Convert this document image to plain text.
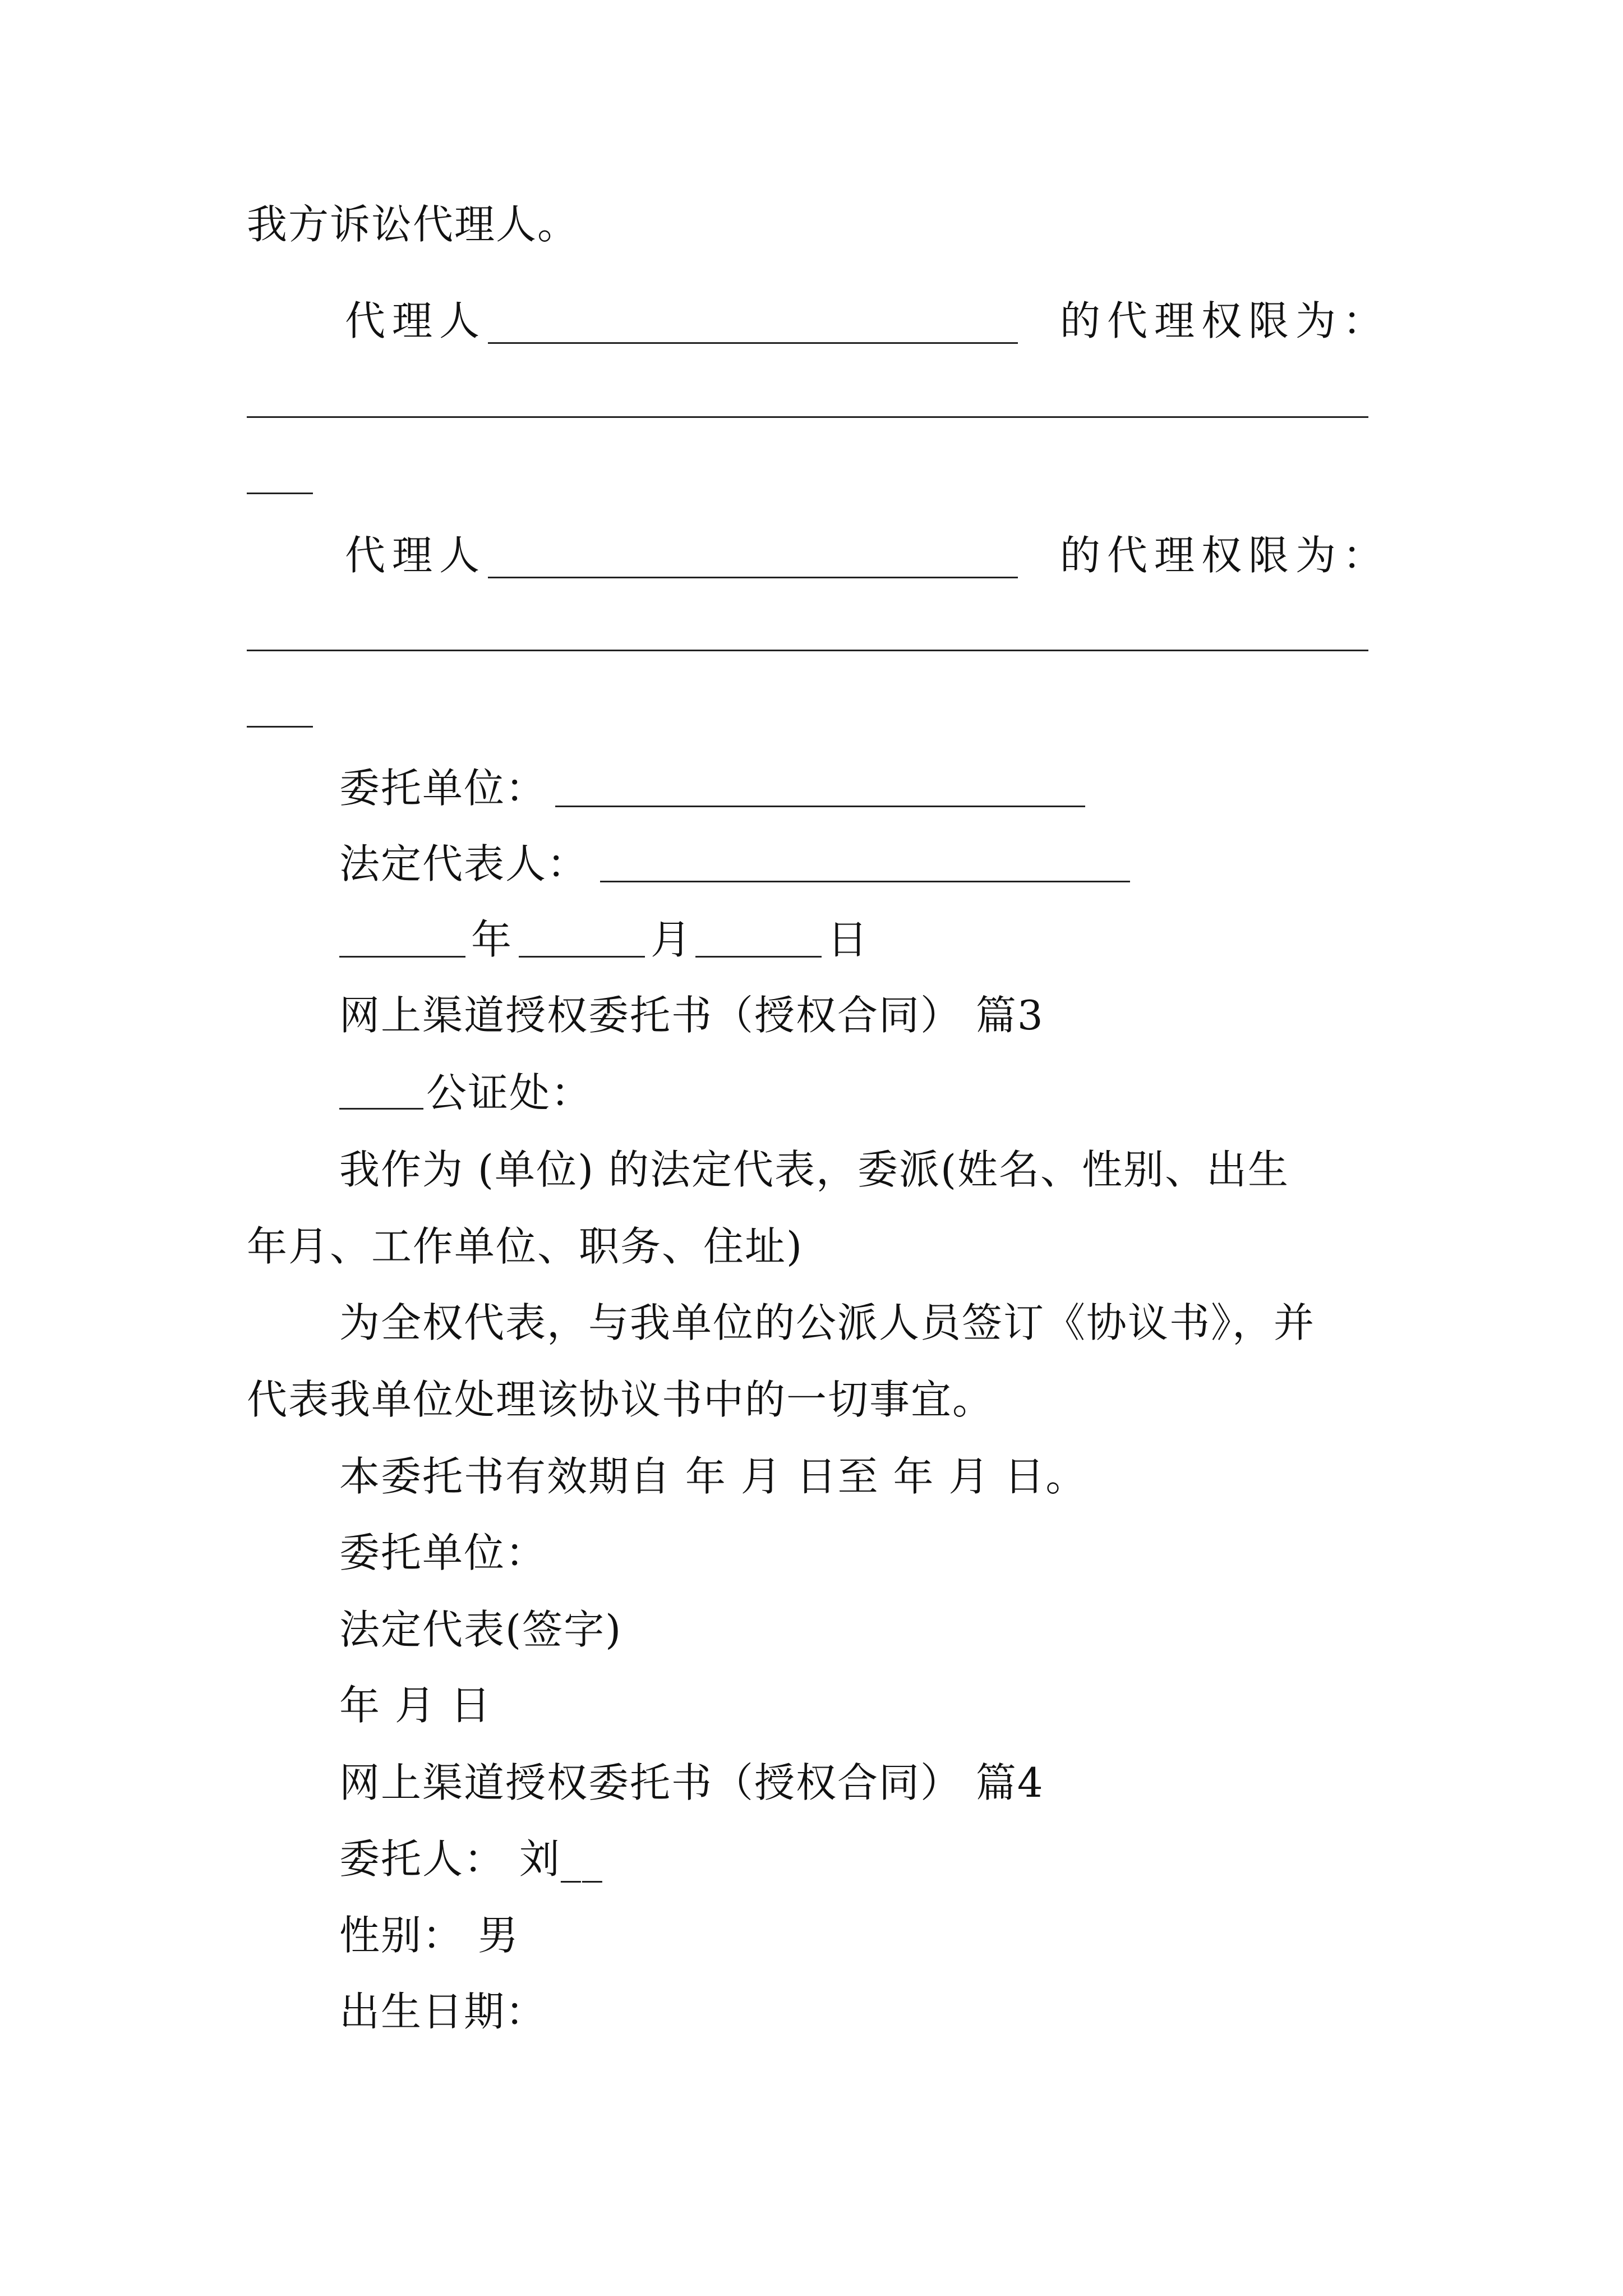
我方诉讼代理人。
代理人	的代理权限为：
代理人	的代理权限为：
委托单位：
法定代表人：
年	月	日
网上渠道授权委托书（授权合同） 篇3
公证处：
我作为 (单位) 的法定代表，委派(姓名、性别、出生
年月、工作单位、职务、住址)
为全权代表，与我单位的公派人员签订《协议书》，并
代表我单位处理该协议书中的一切事宜。
本委托书有效期自 年 月 日至 年 月 日。
委托单位：
法定代表(签字)
年 月 日
网上渠道授权委托书（授权合同） 篇4
委托人： 刘__
性别： 男
出生日期：
